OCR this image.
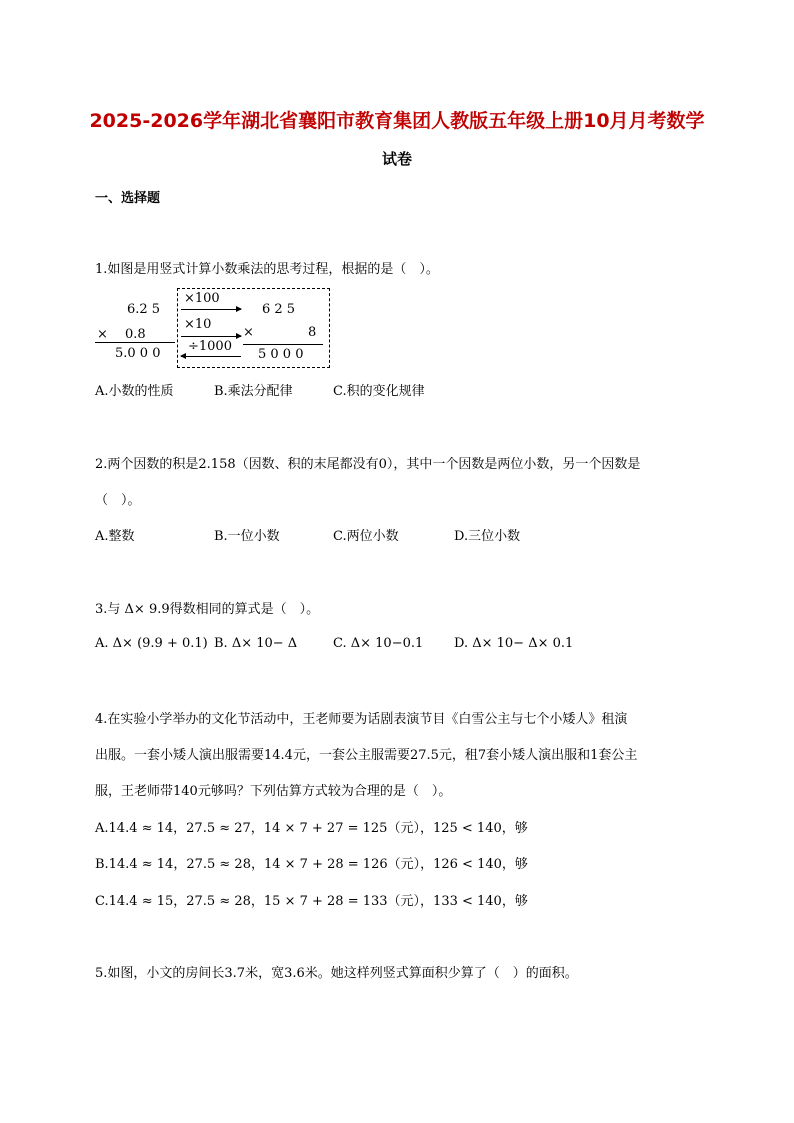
2025-2026学年湖北省襄阳市教育集团人教版五年级上册10月月考数学
试卷
一、选择题
1.如图是用竖式计算小数乘法的思考过程，根据的是（　）。
6.2 5
×　 0.8
5.0 0 0
×100
×10
÷1000
6 2 5
×	8
5 0 0 0
A.小数的性质	B.乘法分配律	C.积的变化规律
2.两个因数的积是2.158（因数、积的末尾都没有0），其中一个因数是两位小数，另一个因数是
（　）。
A.整数	B.一位小数	C.两位小数	D.三位小数
3.与 Δ× 9.9得数相同的算式是（　）。
A. Δ× (9.9 + 0.1) B. Δ× 10− Δ	C. Δ× 10−0.1 D. Δ× 10− Δ× 0.1
4.在实验小学举办的文化节活动中，王老师要为话剧表演节目《白雪公主与七个小矮人》租演
出服。一套小矮人演出服需要14.4元，一套公主服需要27.5元，租7套小矮人演出服和1套公主
服，王老师带140元够吗？下列估算方式较为合理的是（　）。
A.14.4 ≈ 14，27.5 ≈ 27，14 × 7 + 27 = 125（元），125 < 140，够
B.14.4 ≈ 14，27.5 ≈ 28，14 × 7 + 28 = 126（元），126 < 140，够
C.14.4 ≈ 15，27.5 ≈ 28，15 × 7 + 28 = 133（元），133 < 140，够
5.如图，小文的房间长3.7米，宽3.6米。她这样列竖式算面积少算了（　）的面积。
